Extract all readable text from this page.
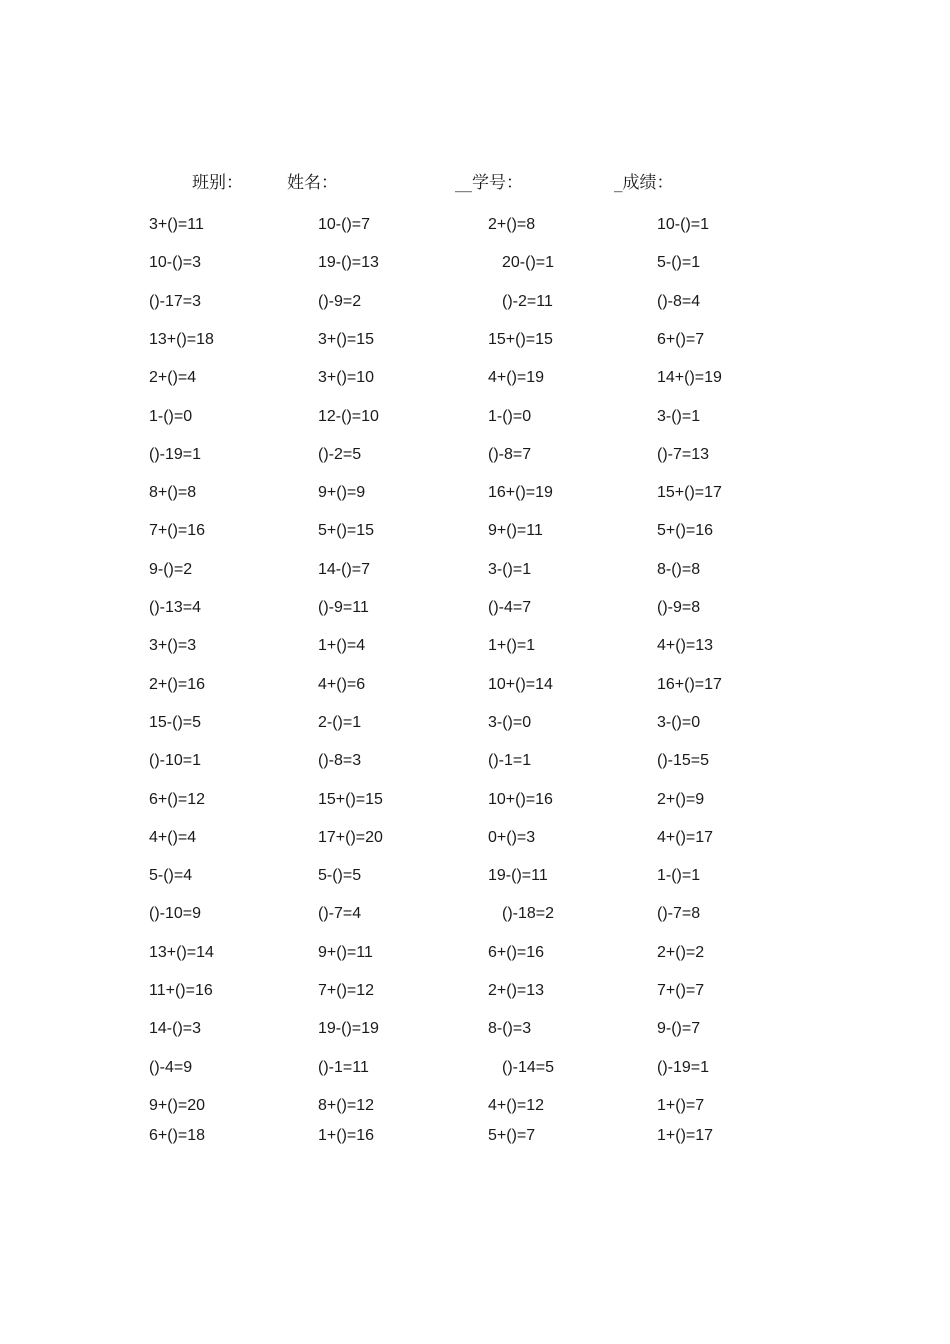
班别：	姓名：	__学号：	_成绩：
3+()=11	10-()=7	2+()=8	10-()=1
10-()=3	19-()=13	20-()=1	5-()=1
()-17=3	()-9=2	()-2=11	()-8=4
13+()=18	3+()=15	15+()=15	6+()=7
2+()=4	3+()=10	4+()=19	14+()=19
1-()=0	12-()=10	1-()=0	3-()=1
()-19=1	()-2=5	()-8=7	()-7=13
8+()=8	9+()=9	16+()=19	15+()=17
7+()=16	5+()=15	9+()=11	5+()=16
9-()=2	14-()=7	3-()=1	8-()=8
()-13=4	()-9=11	()-4=7	()-9=8
3+()=3	1+()=4	1+()=1	4+()=13
2+()=16	4+()=6	10+()=14	16+()=17
15-()=5	2-()=1	3-()=0	3-()=0
()-10=1	()-8=3	()-1=1	()-15=5
6+()=12	15+()=15	10+()=16	2+()=9
4+()=4	17+()=20	0+()=3	4+()=17
5-()=4	5-()=5	19-()=11	1-()=1
()-10=9	()-7=4	()-18=2	()-7=8
13+()=14	9+()=11	6+()=16	2+()=2
11+()=16	7+()=12	2+()=13	7+()=7
14-()=3	19-()=19	8-()=3	9-()=7
()-4=9	()-1=11	()-14=5	()-19=1
9+()=20	8+()=12	4+()=12	1+()=7
6+()=18	1+()=16	5+()=7	1+()=17
